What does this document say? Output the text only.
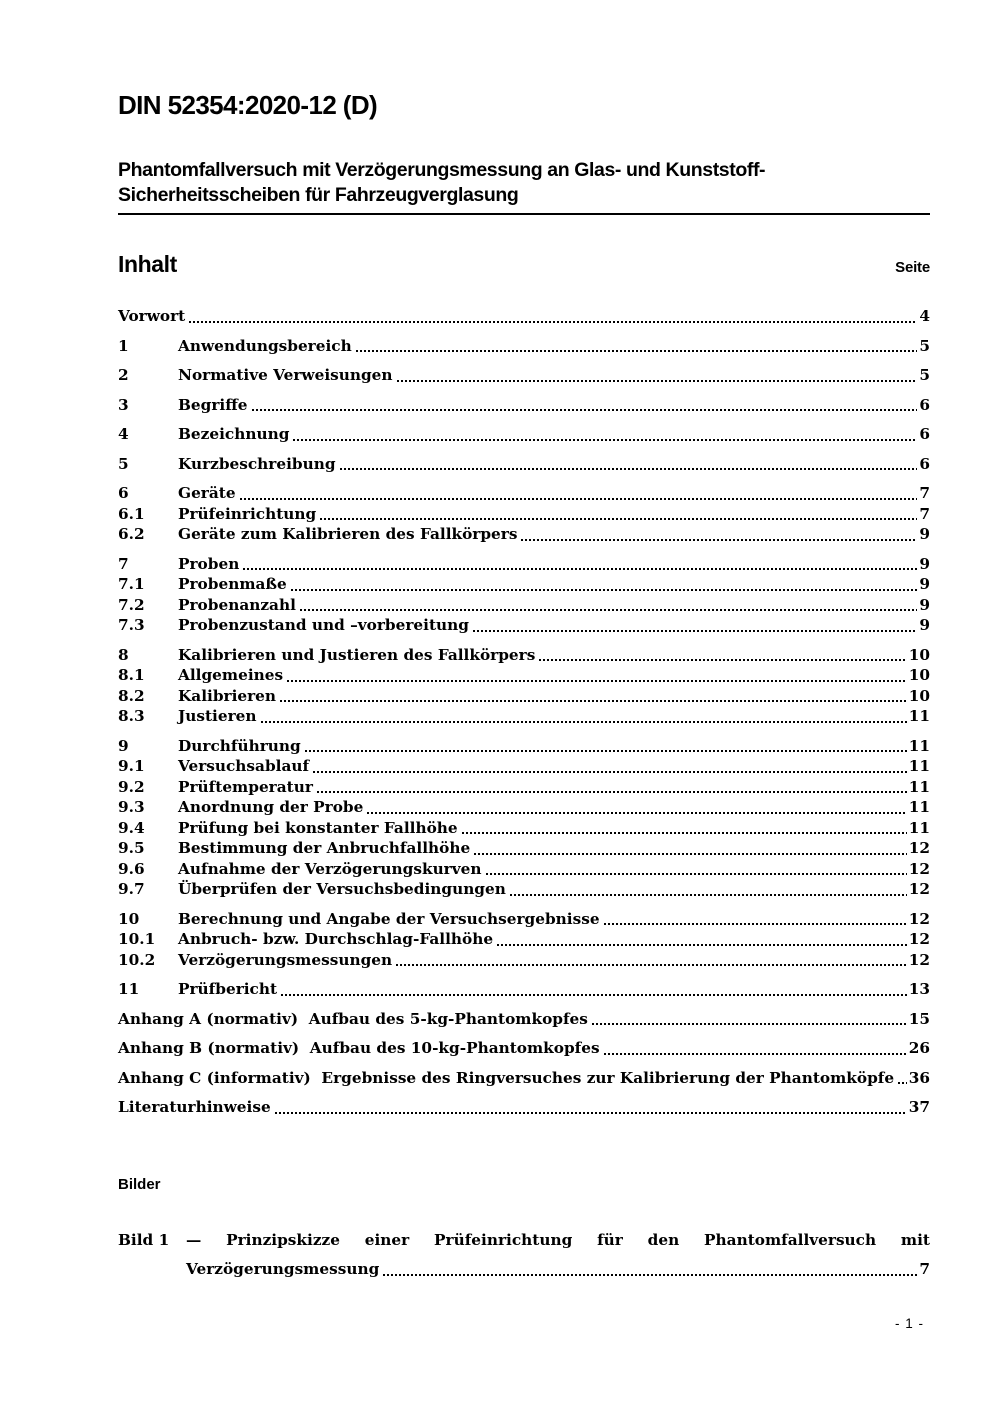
DIN 52354:2020-12 (D)
Phantomfallversuch mit Verzögerungsmessung an Glas- und Kunststoff-
Sicherheitsscheiben für Fahrzeugverglasung
Inhalt	Seite
Vorwort	4
1	Anwendungsbereich	5
2	Normative Verweisungen	5
3	Begriffe	6
4	Bezeichnung	6
5	Kurzbeschreibung	6
6	Geräte	7
6.1	Prüfeinrichtung	7
6.2	Geräte zum Kalibrieren des Fallkörpers	9
7	Proben	9
7.1	Probenmaße	9
7.2	Probenanzahl	9
7.3	Probenzustand und –vorbereitung	9
8	Kalibrieren und Justieren des Fallkörpers	10
8.1	Allgemeines	10
8.2	Kalibrieren	10
8.3	Justieren	11
9	Durchführung	11
9.1	Versuchsablauf	11
9.2	Prüftemperatur	11
9.3	Anordnung der Probe	11
9.4	Prüfung bei konstanter Fallhöhe	11
9.5	Bestimmung der Anbruchfallhöhe	12
9.6	Aufnahme der Verzögerungskurven	12
9.7	Überprüfen der Versuchsbedingungen	12
10	Berechnung und Angabe der Versuchsergebnisse	12
10.1	Anbruch- bzw. Durchschlag-Fallhöhe	12
10.2	Verzögerungsmessungen	12
11	Prüfbericht	13
Anhang A (normativ)  Aufbau des 5-kg-Phantomkopfes	15
Anhang B (normativ)  Aufbau des 10-kg-Phantomkopfes	26
Anhang C (informativ)  Ergebnisse des Ringversuches zur Kalibrierung der Phantomköpfe 36
Literaturhinweise	37
Bilder
Bild 1	— Prinzipskizze einer Prüfeinrichtung für den Phantomfallversuch mit
Verzögerungsmessung	7
- 1 -
